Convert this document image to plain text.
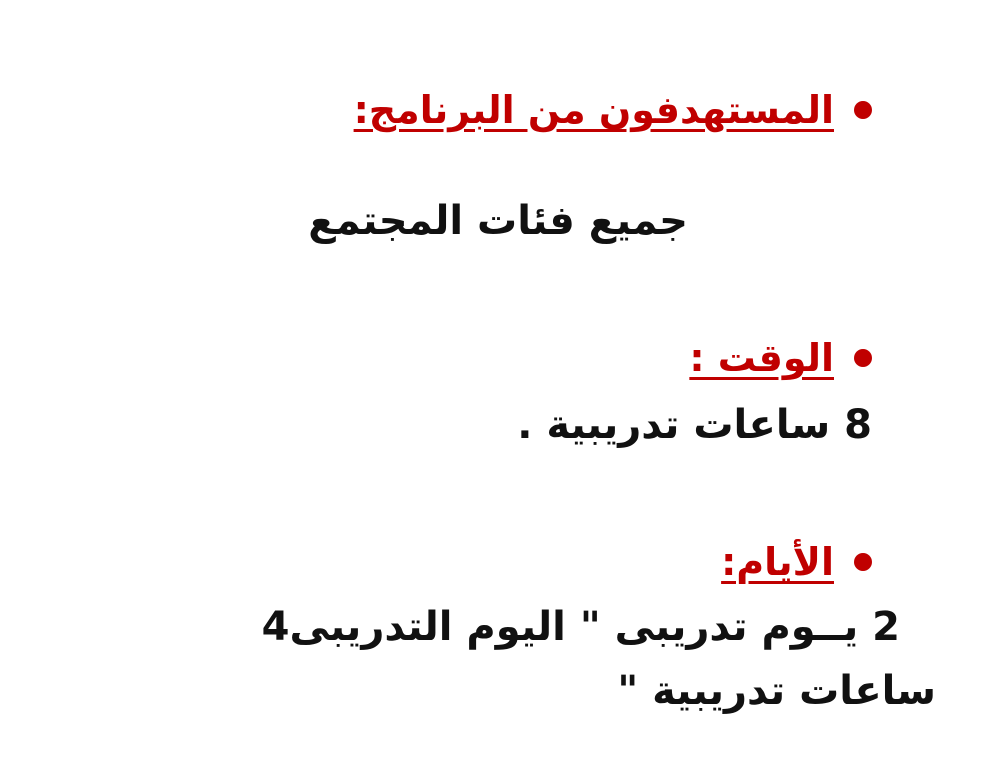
المستهدفون من البرنامج:
جميع فئات المجتمع
الوقت :
8 ساعات تدريبية .
الأيام:
2 يــوم تدريبى " اليوم التدريبى4
ساعات تدريبية "
